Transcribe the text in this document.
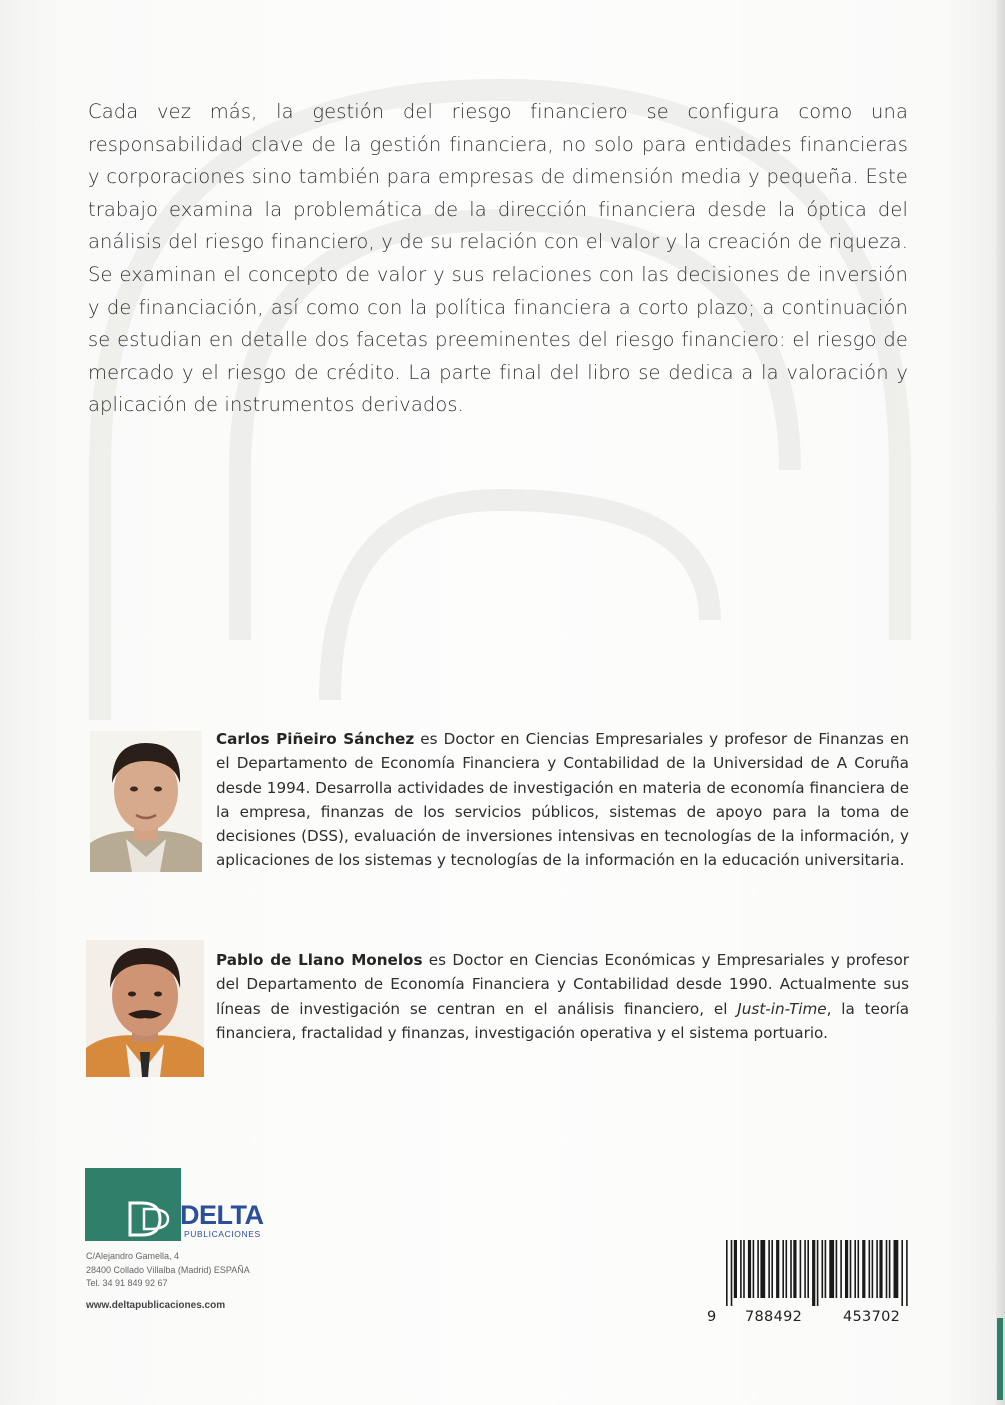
Cada vez más, la gestión del riesgo financiero se configura como una responsabilidad clave de la gestión financiera, no solo para entidades financieras y corporaciones sino también para empresas de dimensión media y pequeña. Este trabajo examina la problemática de la dirección financiera desde la óptica del análisis del riesgo financiero, y de su relación con el valor y la creación de riqueza. Se examinan el concepto de valor y sus relaciones con las decisiones de inversión y de financiación, así como con la política financiera a corto plazo; a continuación se estudian en detalle dos facetas preeminentes del riesgo financiero: el riesgo de mercado y el riesgo de crédito. La parte final del libro se dedica a la valoración y aplicación de instrumentos derivados.
Carlos Piñeiro Sánchez es Doctor en Ciencias Empresariales y profesor de Finanzas en el Departamento de Economía Financiera y Contabilidad de la Universidad de A Coruña desde 1994. Desarrolla actividades de investigación en materia de economía financiera de la empresa, finanzas de los servicios públicos, sistemas de apoyo para la toma de decisiones (DSS), evaluación de inversiones intensivas en tecnologías de la información, y aplicaciones de los sistemas y tecnologías de la información en la educación universitaria.
Pablo de Llano Monelos es Doctor en Ciencias Económicas y Empresariales y profesor del Departamento de Economía Financiera y Contabilidad desde 1990. Actualmente sus líneas de investigación se centran en el análisis financiero, el Just-in-Time, la teoría financiera, fractalidad y finanzas, investigación operativa y el sistema portuario.
DELTA
PUBLICACIONES
C/Alejandro Gamella, 4
28400 Collado Villalba (Madrid) ESPAÑA
Tel. 34 91 849 92 67
www.deltapublicaciones.com
9 788492	453702
